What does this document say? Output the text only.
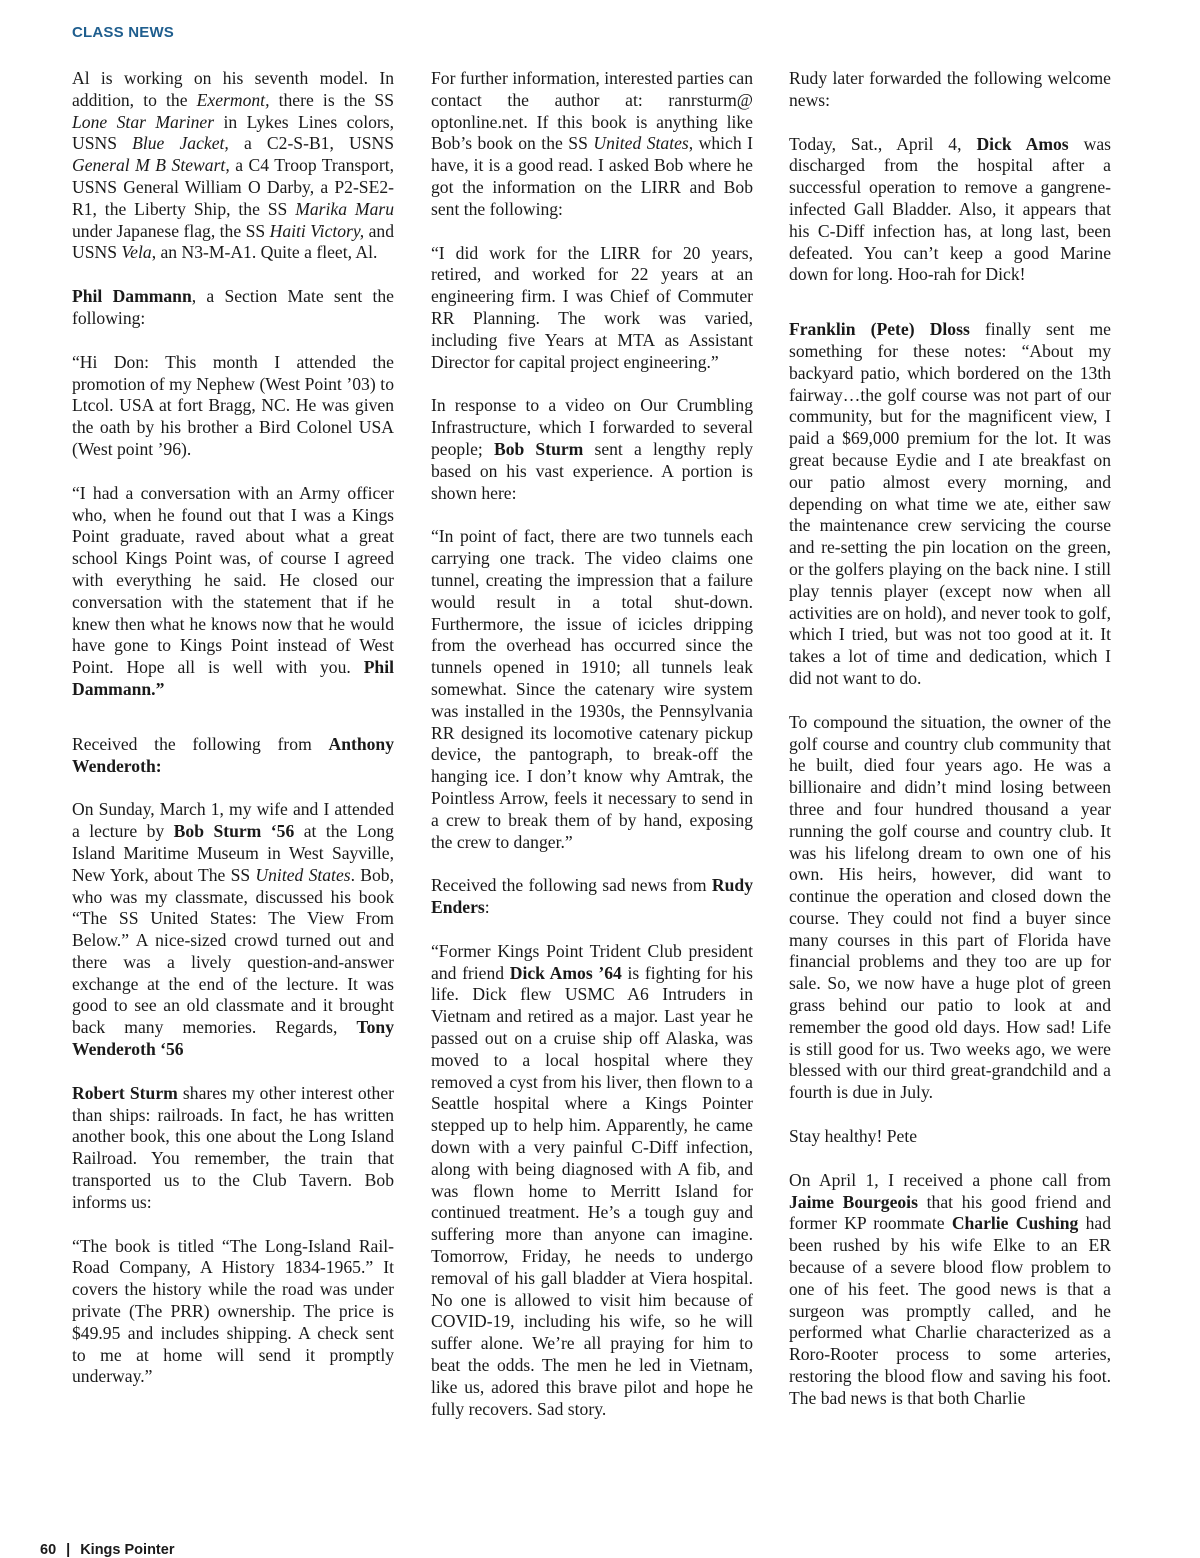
CLASS NEWS

Al is working on his seventh model. In addition, to the Exermont, there is the SS Lone Star Mariner in Lykes Lines colors, USNS Blue Jacket, a C2-S-B1, USNS General M B Stewart, a C4 Troop Transport, USNS General William O Darby, a P2-SE2-R1, the Liberty Ship, the SS Marika Maru under Japanese flag, the SS Haiti Victory, and USNS Vela, an N3-M-A1. Quite a fleet, Al.

Phil Dammann, a Section Mate sent the following:

“Hi Don: This month I attended the promotion of my Nephew (West Point ’03) to Ltcol. USA at fort Bragg, NC. He was given the oath by his brother a Bird Colonel USA (West point ’96).

“I had a conversation with an Army officer who, when he found out that I was a Kings Point graduate, raved about what a great school Kings Point was, of course I agreed with everything he said. He closed our conversation with the statement that if he knew then what he knows now that he would have gone to Kings Point instead of West Point. Hope all is well with you. Phil Dammann.”

Received the following from Anthony Wenderoth:

On Sunday, March 1, my wife and I attended a lecture by Bob Sturm ‘56 at the Long Island Maritime Museum in West Sayville, New York, about The SS United States. Bob, who was my classmate, discussed his book “The SS United States: The View From Below.” A nice-sized crowd turned out and there was a lively question-and-answer exchange at the end of the lecture. It was good to see an old classmate and it brought back many memories. Regards, Tony Wenderoth ‘56

Robert Sturm shares my other interest other than ships: railroads. In fact, he has written another book, this one about the Long Island Railroad. You remember, the train that transported us to the Club Tavern. Bob informs us:

“The book is titled “The Long-Island Rail-Road Company, A History 1834-1965.” It covers the history while the road was under private (The PRR) ownership. The price is $49.95 and includes shipping. A check sent to me at home will send it promptly underway.”

For further information, interested parties can contact the author at: ranrsturm@ optonline.net. If this book is anything like Bob’s book on the SS United States, which I have, it is a good read. I asked Bob where he got the information on the LIRR and Bob sent the following:

“I did work for the LIRR for 20 years, retired, and worked for 22 years at an engineering firm. I was Chief of Commuter RR Planning. The work was varied, including five Years at MTA as Assistant Director for capital project engineering.”

In response to a video on Our Crumbling Infrastructure, which I forwarded to several people; Bob Sturm sent a lengthy reply based on his vast experience. A portion is shown here:

“In point of fact, there are two tunnels each carrying one track. The video claims one tunnel, creating the impression that a failure would result in a total shut-down. Furthermore, the issue of icicles dripping from the overhead has occurred since the tunnels opened in 1910; all tunnels leak somewhat. Since the catenary wire system was installed in the 1930s, the Pennsylvania RR designed its locomotive catenary pickup device, the pantograph, to break-off the hanging ice. I don’t know why Amtrak, the Pointless Arrow, feels it necessary to send in a crew to break them of by hand, exposing the crew to danger.”

Received the following sad news from Rudy Enders:

“Former Kings Point Trident Club president and friend Dick Amos ’64 is fighting for his life. Dick flew USMC A6 Intruders in Vietnam and retired as a major. Last year he passed out on a cruise ship off Alaska, was moved to a local hospital where they removed a cyst from his liver, then flown to a Seattle hospital where a Kings Pointer stepped up to help him. Apparently, he came down with a very painful C-Diff infection, along with being diagnosed with A fib, and was flown home to Merritt Island for continued treatment. He’s a tough guy and suffering more than anyone can imagine. Tomorrow, Friday, he needs to undergo removal of his gall bladder at Viera hospital. No one is allowed to visit him because of COVID-19, including his wife, so he will suffer alone. We’re all praying for him to beat the odds. The men he led in Vietnam, like us, adored this brave pilot and hope he fully recovers. Sad story.

Rudy later forwarded the following welcome news:

Today, Sat., April 4, Dick Amos was discharged from the hospital after a successful operation to remove a gangrene-infected Gall Bladder. Also, it appears that his C-Diff infection has, at long last, been defeated. You can’t keep a good Marine down for long. Hoo-rah for Dick!

Franklin (Pete) Dloss finally sent me something for these notes: “About my backyard patio, which bordered on the 13th fairway…the golf course was not part of our community, but for the magnificent view, I paid a $69,000 premium for the lot. It was great because Eydie and I ate breakfast on our patio almost every morning, and depending on what time we ate, either saw the maintenance crew servicing the course and re-setting the pin location on the green, or the golfers playing on the back nine. I still play tennis player (except now when all activities are on hold), and never took to golf, which I tried, but was not too good at it. It takes a lot of time and dedication, which I did not want to do.

To compound the situation, the owner of the golf course and country club community that he built, died four years ago. He was a billionaire and didn’t mind losing between three and four hundred thousand a year running the golf course and country club. It was his lifelong dream to own one of his own. His heirs, however, did want to continue the operation and closed down the course. They could not find a buyer since many courses in this part of Florida have financial problems and they too are up for sale. So, we now have a huge plot of green grass behind our patio to look at and remember the good old days. How sad! Life is still good for us. Two weeks ago, we were blessed with our third great-grandchild and a fourth is due in July.

Stay healthy! Pete

On April 1, I received a phone call from Jaime Bourgeois that his good friend and former KP roommate Charlie Cushing had been rushed by his wife Elke to an ER because of a severe blood flow problem to one of his feet. The good news is that a surgeon was promptly called, and he performed what Charlie characterized as a Roro-Rooter process to some arteries, restoring the blood flow and saving his foot. The bad news is that both Charlie

60 | Kings Pointer
